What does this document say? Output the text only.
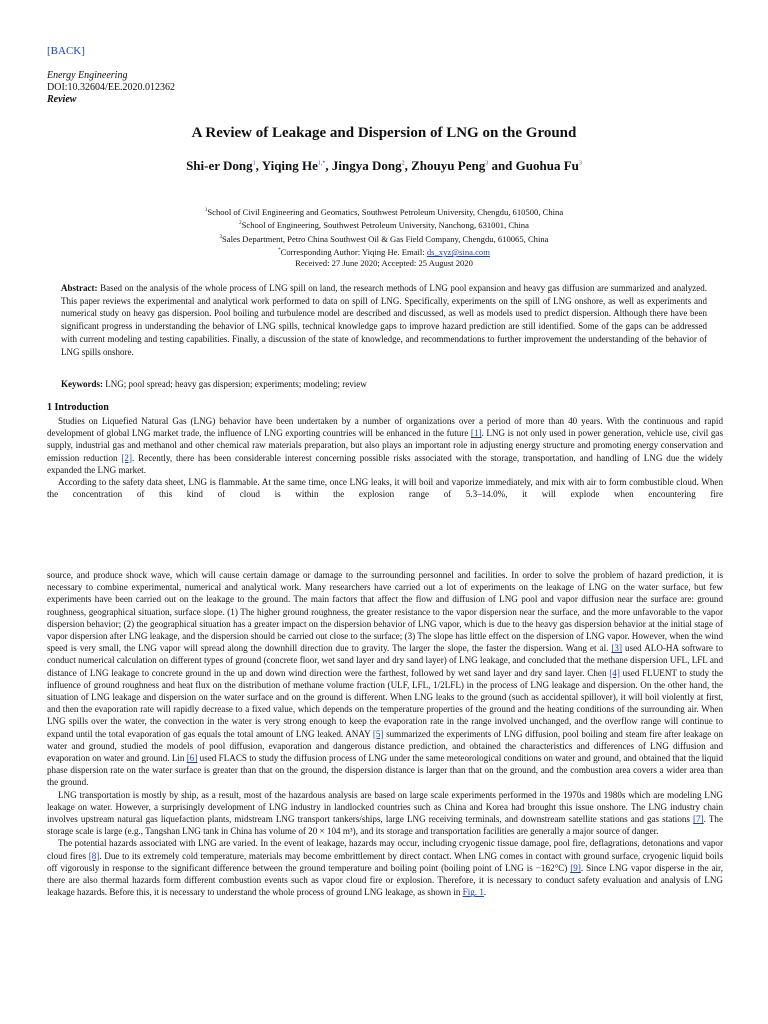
[BACK]
Energy Engineering
DOI:10.32604/EE.2020.012362
Review
A Review of Leakage and Dispersion of LNG on the Ground
Shi-er Dong$^1$, Yiqing $He^{1,*}$, Jingya Dong$^2$, Zhouyu Peng$^3$ and Guohua Fu$^3$
$^1$School of Civil Engineering and Geomatics, Southwest Petroleum University, Chengdu, 610500, China
$^2$School of Engineering, Southwest Petroleum University, Nanchong, 631001, China
$^3$Sales Department, Petro China Southwest Oil & Gas Field Company, Chengdu, 610065, China
*Corresponding Author: Yiqing He. Email: ds_xyz@sina.com
Received: 27 June 2020; Accepted: 25 August 2020
Abstract: Based on the analysis of the whole process of LNG spill on land, the research methods of LNG pool expansion and heavy gas diffusion are summarized and analyzed. This paper reviews the experimental and analytical work performed to data on spill of LNG. Specifically, experiments on the spill of LNG onshore, as well as experiments and numerical study on heavy gas dispersion. Pool boiling and turbulence model are described and discussed, as well as models used to predict dispersion. Although there have been significant progress in understanding the behavior of LNG spills, technical knowledge gaps to improve hazard prediction are still identified. Some of the gaps can be addressed with current modeling and testing capabilities. Finally, a discussion of the state of knowledge, and recommendations to further improvement the understanding of the behavior of LNG spills onshore.
Keywords: LNG; pool spread; heavy gas dispersion; experiments; modeling; review
1 Introduction

Studies on Liquefied Natural Gas (LNG) behavior have been undertaken by a number of organizations over a period of more than 40 years. With the continuous and rapid development of global LNG market trade, the influence of LNG exporting countries will be enhanced in the future [1]. LNG is not only used in power generation, vehicle use, civil gas supply, industrial gas and methanol and other chemical raw materials preparation, but also plays an important role in adjusting energy structure and promoting energy conservation and emission reduction [2]. Recently, there has been considerable interest concerning possible risks associated with the storage, transportation, and handling of LNG due the widely expanded the LNG market.

According to the safety data sheet, LNG is flammable. At the same time, once LNG leaks, it will boil and vaporize immediately, and mix with air to form combustible cloud. When the concentration of this kind of cloud is within the explosion range of 5.3–14.0%, it will explode when encountering fire

source, and produce shock wave, which will cause certain damage or damage to the surrounding personnel and facilities. In order to solve the problem of hazard prediction, it is necessary to combine experimental, numerical and analytical work. Many researchers have carried out a lot of experiments on the leakage of LNG on the water surface, but few experiments have been carried out on the leakage to the ground. The main factors that affect the flow and diffusion of LNG pool and vapor diffusion near the surface are: ground roughness, geographical situation, surface slope. (1) The higher ground roughness, the greater resistance to the vapor dispersion near the surface, and the more unfavorable to the vapor dispersion behavior; (2) the geographical situation has a greater impact on the dispersion behavior of LNG vapor, which is due to the heavy gas dispersion behavior at the initial stage of vapor dispersion after LNG leakage, and the dispersion should be carried out close to the surface; (3) The slope has little effect on the dispersion of LNG vapor. However, when the wind speed is very small, the LNG vapor will spread along the downhill direction due to gravity. The larger the slope, the faster the dispersion. Wang et al. [3] used ALO-HA software to conduct numerical calculation on different types of ground (concrete floor, wet sand layer and dry sand layer) of LNG leakage, and concluded that the methane dispersion UFL, LFL and distance of LNG leakage to concrete ground in the up and down wind direction were the farthest, followed by wet sand layer and dry sand layer. Chen [4] used FLUENT to study the influence of ground roughness and heat flux on the distribution of methane volume fraction (ULF, LFL, 1/2LFL) in the process of LNG leakage and dispersion. On the other hand, the situation of LNG leakage and dispersion on the water surface and on the ground is different. When LNG leaks to the ground (such as accidental spillover), it will boil violently at first, and then the evaporation rate will rapidly decrease to a fixed value, which depends on the temperature properties of the ground and the heating conditions of the surrounding air. When LNG spills over the water, the convection in the water is very strong enough to keep the evaporation rate in the range involved unchanged, and the overflow range will continue to expand until the total evaporation of gas equals the total amount of LNG leaked. ANAY [5] summarized the experiments of LNG diffusion, pool boiling and steam fire after leakage on water and ground, studied the models of pool diffusion, evaporation and dangerous distance prediction, and obtained the characteristics and differences of LNG diffusion and evaporation on water and ground. Lin [6] used FLACS to study the diffusion process of LNG under the same meteorological conditions on water and ground, and obtained that the liquid phase dispersion rate on the water surface is greater than that on the ground, the dispersion distance is larger than that on the ground, and the combustion area covers a wider area than the ground.

LNG transportation is mostly by ship, as a result, most of the hazardous analysis are based on large scale experiments performed in the 1970s and 1980s which are modeling LNG leakage on water. However, a surprisingly development of LNG industry in landlocked countries such as China and Korea had brought this issue onshore. The LNG industry chain involves upstream natural gas liquefaction plants, midstream LNG transport tankers/ships, large LNG receiving terminals, and downstream satellite stations and gas stations [7]. The storage scale is large (e.g., Tangshan LNG tank in China has volume of 20 × 104 m³), and its storage and transportation facilities are generally a major source of danger.

The potential hazards associated with LNG are varied. In the event of leakage, hazards may occur, including cryogenic tissue damage, pool fire, deflagrations, detonations and vapor cloud fires [8]. Due to its extremely cold temperature, materials may become embrittlement by direct contact. When LNG comes in contact with ground surface, cryogenic liquid boils off vigorously in response to the significant difference between the ground temperature and boiling point (boiling point of LNG is −162°C) [9]. Since LNG vapor disperse in the air, there are also thermal hazards form different combustion events such as vapor cloud fire or explosion. Therefore, it is necessary to conduct safety evaluation and analysis of LNG leakage hazards. Before this, it is necessary to understand the whole process of ground LNG leakage, as shown in Fig. 1.
